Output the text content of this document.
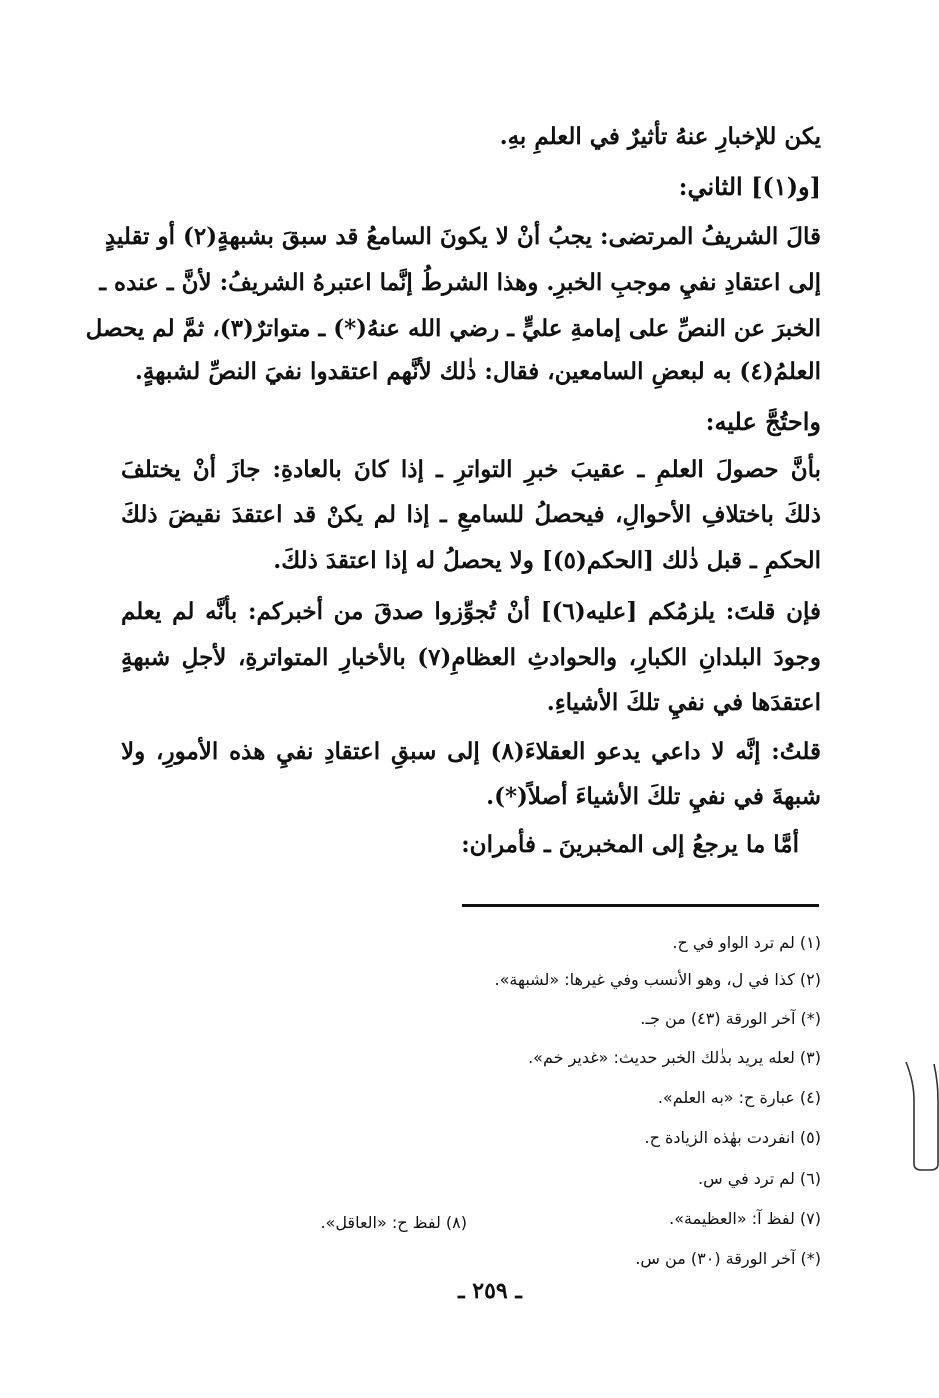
يكن للإخبارِ عنهُ تأثيرٌ في العلمِ بهِ.
[و(١)] الثاني:
قالَ الشريفُ المرتضى: يجبُ أنْ لا يكونَ السامعُ قد سبقَ بشبهةٍ(٢) أو تقليدٍ
إلى اعتقادِ نفيِ موجبِ الخبرِ. وهذا الشرطُ إنَّما اعتبرهُ الشريفُ: لأنَّ ـ عنده ـ
الخبرَ عن النصِّ على إمامةِ عليٍّ ـ رضي الله عنهُ(*) ـ متواترٌ(٣)، ثمَّ لم يحصل
العلمُ(٤) به لبعضِ السامعين، فقال: ذٰلك لأنَّهم اعتقدوا نفيَ النصِّ لشبهةٍ.
واحتُجَّ عليه:
بأنَّ حصولَ العلمِ ـ عقيبَ خبرِ التواترِ ـ إذا كانَ بالعادةِ: جازَ أنْ يختلفَ
ذلكَ باختلافِ الأحوالِ، فيحصلُ للسامعِ ـ إذا لم يكنْ قد اعتقدَ نقيضَ ذلكَ
الحكمِ ـ قبل ذٰلك [الحكم(٥)] ولا يحصلُ له إذا اعتقدَ ذلكَ.
فإن قلتَ: يلزمُكم [عليه(٦)] أنْ تُجوِّزوا صدقَ من أخبركم: بأنَّه لم يعلم
وجودَ البلدانِ الكبارِ، والحوادثِ العظامِ(٧) بالأخبارِ المتواترةِ، لأجلِ شبهةٍ
اعتقدَها في نفيِ تلكَ الأشياءِ.
قلتُ: إنَّه لا داعي يدعو العقلاءَ(٨) إلى سبقِ اعتقادِ نفيِ هذه الأمورِ، ولا
شبهةَ في نفيِ تلكَ الأشياءَ أصلاً(*).
أمَّا ما يرجعُ إلى المخبرينَ ـ فأمران:
(١) لم ترد الواو في ح.
(٢) كذا في ل، وهو الأنسب وفي غيرها: «لشبهة».
(*) آخر الورقة (٤٣) من جـ.
(٣) لعله يريد بذٰلك الخبر حديث: «غدير خم».
(٤) عبارة ح: «به العلم».
(٥) انفردت بهٰذه الزيادة ح.
(٦) لم ترد في س.
(٧) لفظ آ: «العظيمة».
(٨) لفظ ح: «العاقل».
(*) آخر الورقة (٣٠) من س.
ـ ٢٥٩ ـ
